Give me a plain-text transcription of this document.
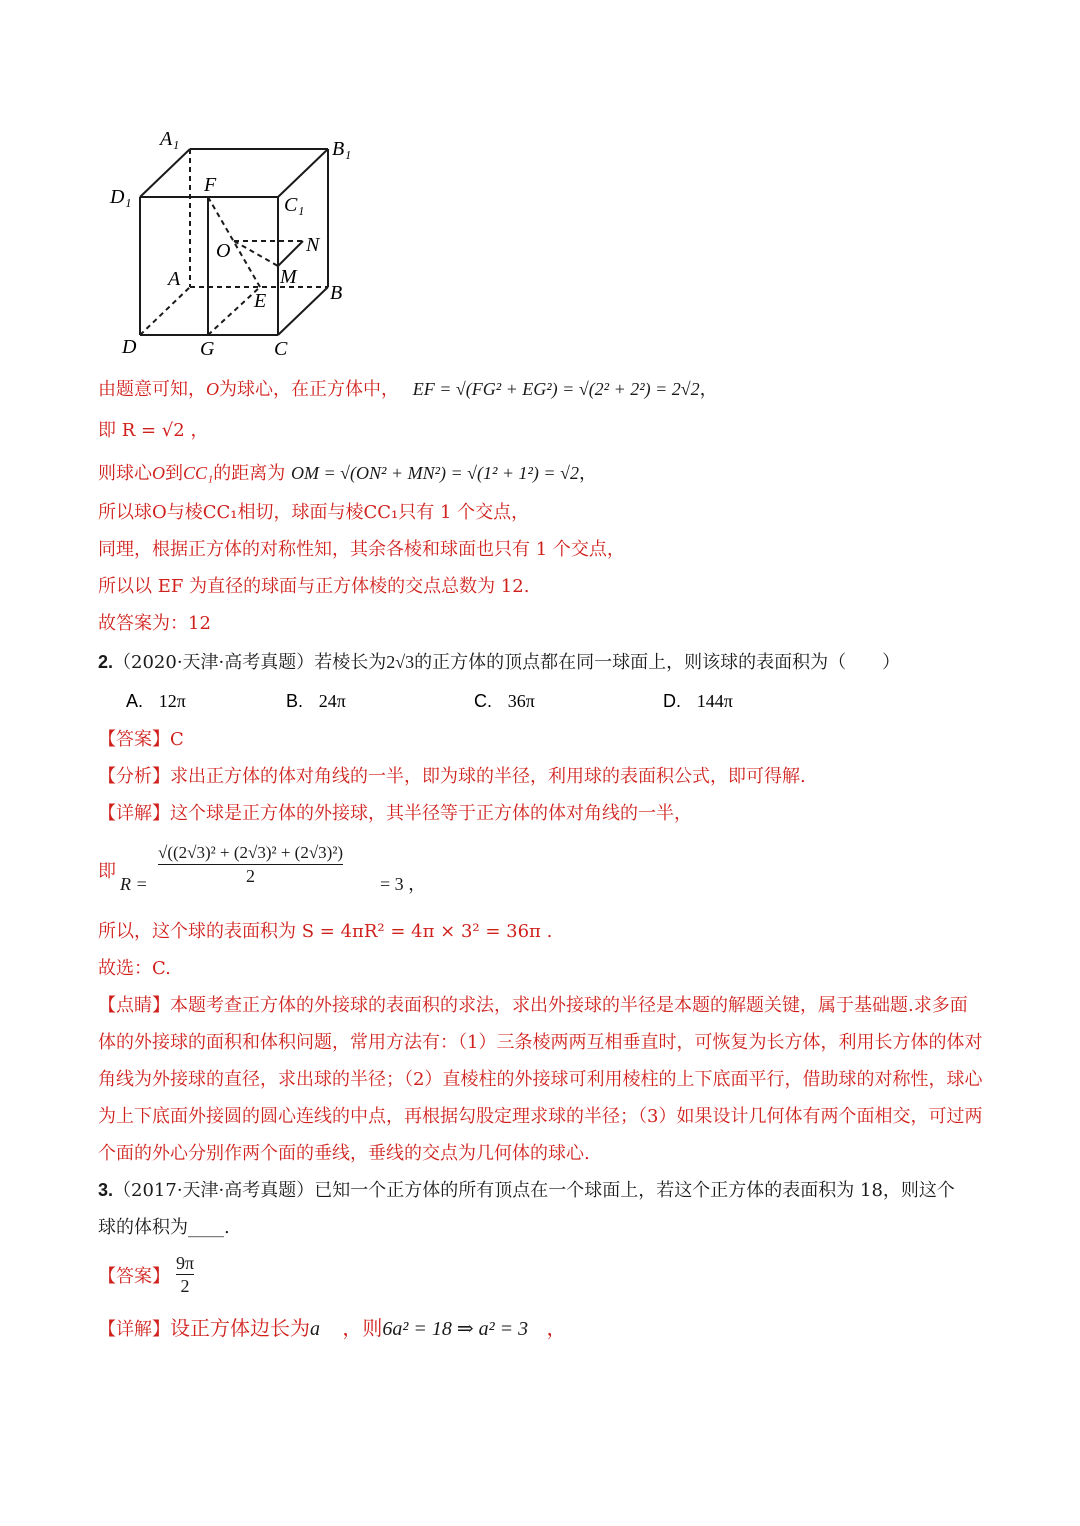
A₁	B₁
D₁	C₁
F
O	N
M
A
E	B
D	G	C
由题意可知，O为球心，在正方体中， EF = √(FG² + EG²) = √(2² + 2²) = 2√2，
即 R = √2 ，
则球心O到CC₁的距离为 OM = √(ON² + MN²) = √(1² + 1²) = √2，
所以球O与棱CC₁相切，球面与棱CC₁只有 1 个交点，
同理，根据正方体的对称性知，其余各棱和球面也只有 1 个交点，
所以以 EF 为直径的球面与正方体棱的交点总数为 12.
故答案为：12
2.（2020·天津·高考真题）若棱长为2√3的正方体的顶点都在同一球面上，则该球的表面积为（　　）
A. 12π	B. 24π	C. 36π	D. 144π
【答案】C
【分析】求出正方体的体对角线的一半，即为球的半径，利用球的表面积公式，即可得解.
【详解】这个球是正方体的外接球，其半径等于正方体的体对角线的一半，
即
$R = \frac{\text{√((2√3)² + (2√3)² + (2√3)²)}}{2} = 3$ ，
所以，这个球的表面积为 S = 4πR² = 4π × 3² = 36π .
故选：C.
【点睛】本题考查正方体的外接球的表面积的求法，求出外接球的半径是本题的解题关键，属于基础题.求多面体的外接球的面积和体积问题，常用方法有：（1）三条棱两两互相垂直时，可恢复为长方体，利用长方体的体对角线为外接球的直径，求出球的半径；（2）直棱柱的外接球可利用棱柱的上下底面平行，借助球的对称性，球心为上下底面外接圆的圆心连线的中点，再根据勾股定理求球的半径；（3）如果设计几何体有两个面相交，可过两个面的外心分别作两个面的垂线，垂线的交点为几何体的球心.
3.（2017·天津·高考真题）已知一个正方体的所有顶点在一个球面上，若这个正方体的表面积为 18，则这个
球的体积为____.
【答案】 $\frac{9\pi}{2}$
【详解】设正方体边长为a ，则6a² = 18 ⇒ a² = 3 ，
